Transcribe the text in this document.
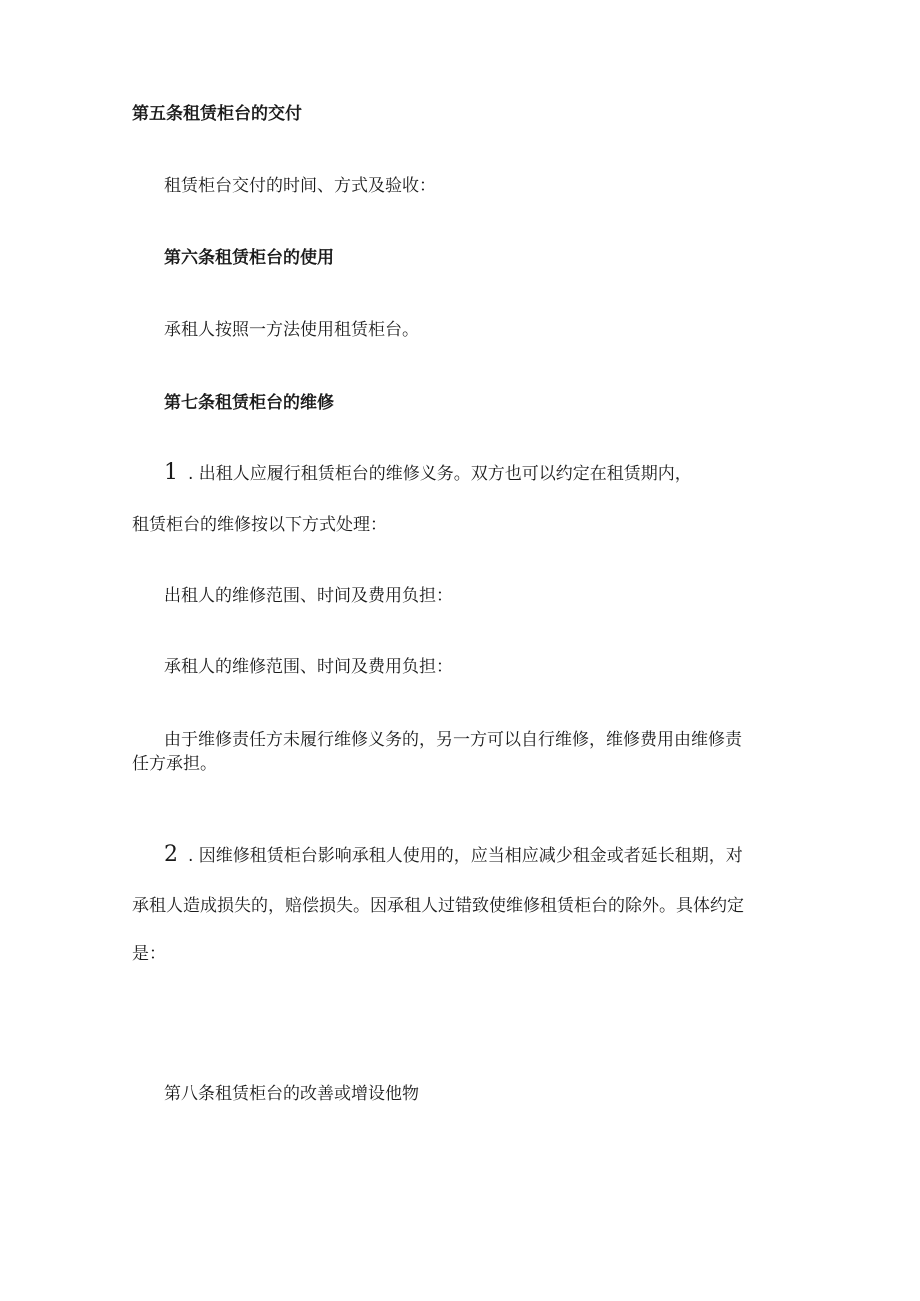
第五条租赁柜台的交付
租赁柜台交付的时间、方式及验收：
第六条租赁柜台的使用
承租人按照一方法使用租赁柜台。
第七条租赁柜台的维修
1 . 出租人应履行租赁柜台的维修义务。双方也可以约定在租赁期内，
租赁柜台的维修按以下方式处理：
出租人的维修范围、时间及费用负担：
承租人的维修范围、时间及费用负担：
由于维修责任方未履行维修义务的，另一方可以自行维修，维修费用由维修责
任方承担。
2 . 因维修租赁柜台影响承租人使用的，应当相应减少租金或者延长租期，对
承租人造成损失的，赔偿损失。因承租人过错致使维修租赁柜台的除外。具体约定
是：
第八条租赁柜台的改善或增设他物
